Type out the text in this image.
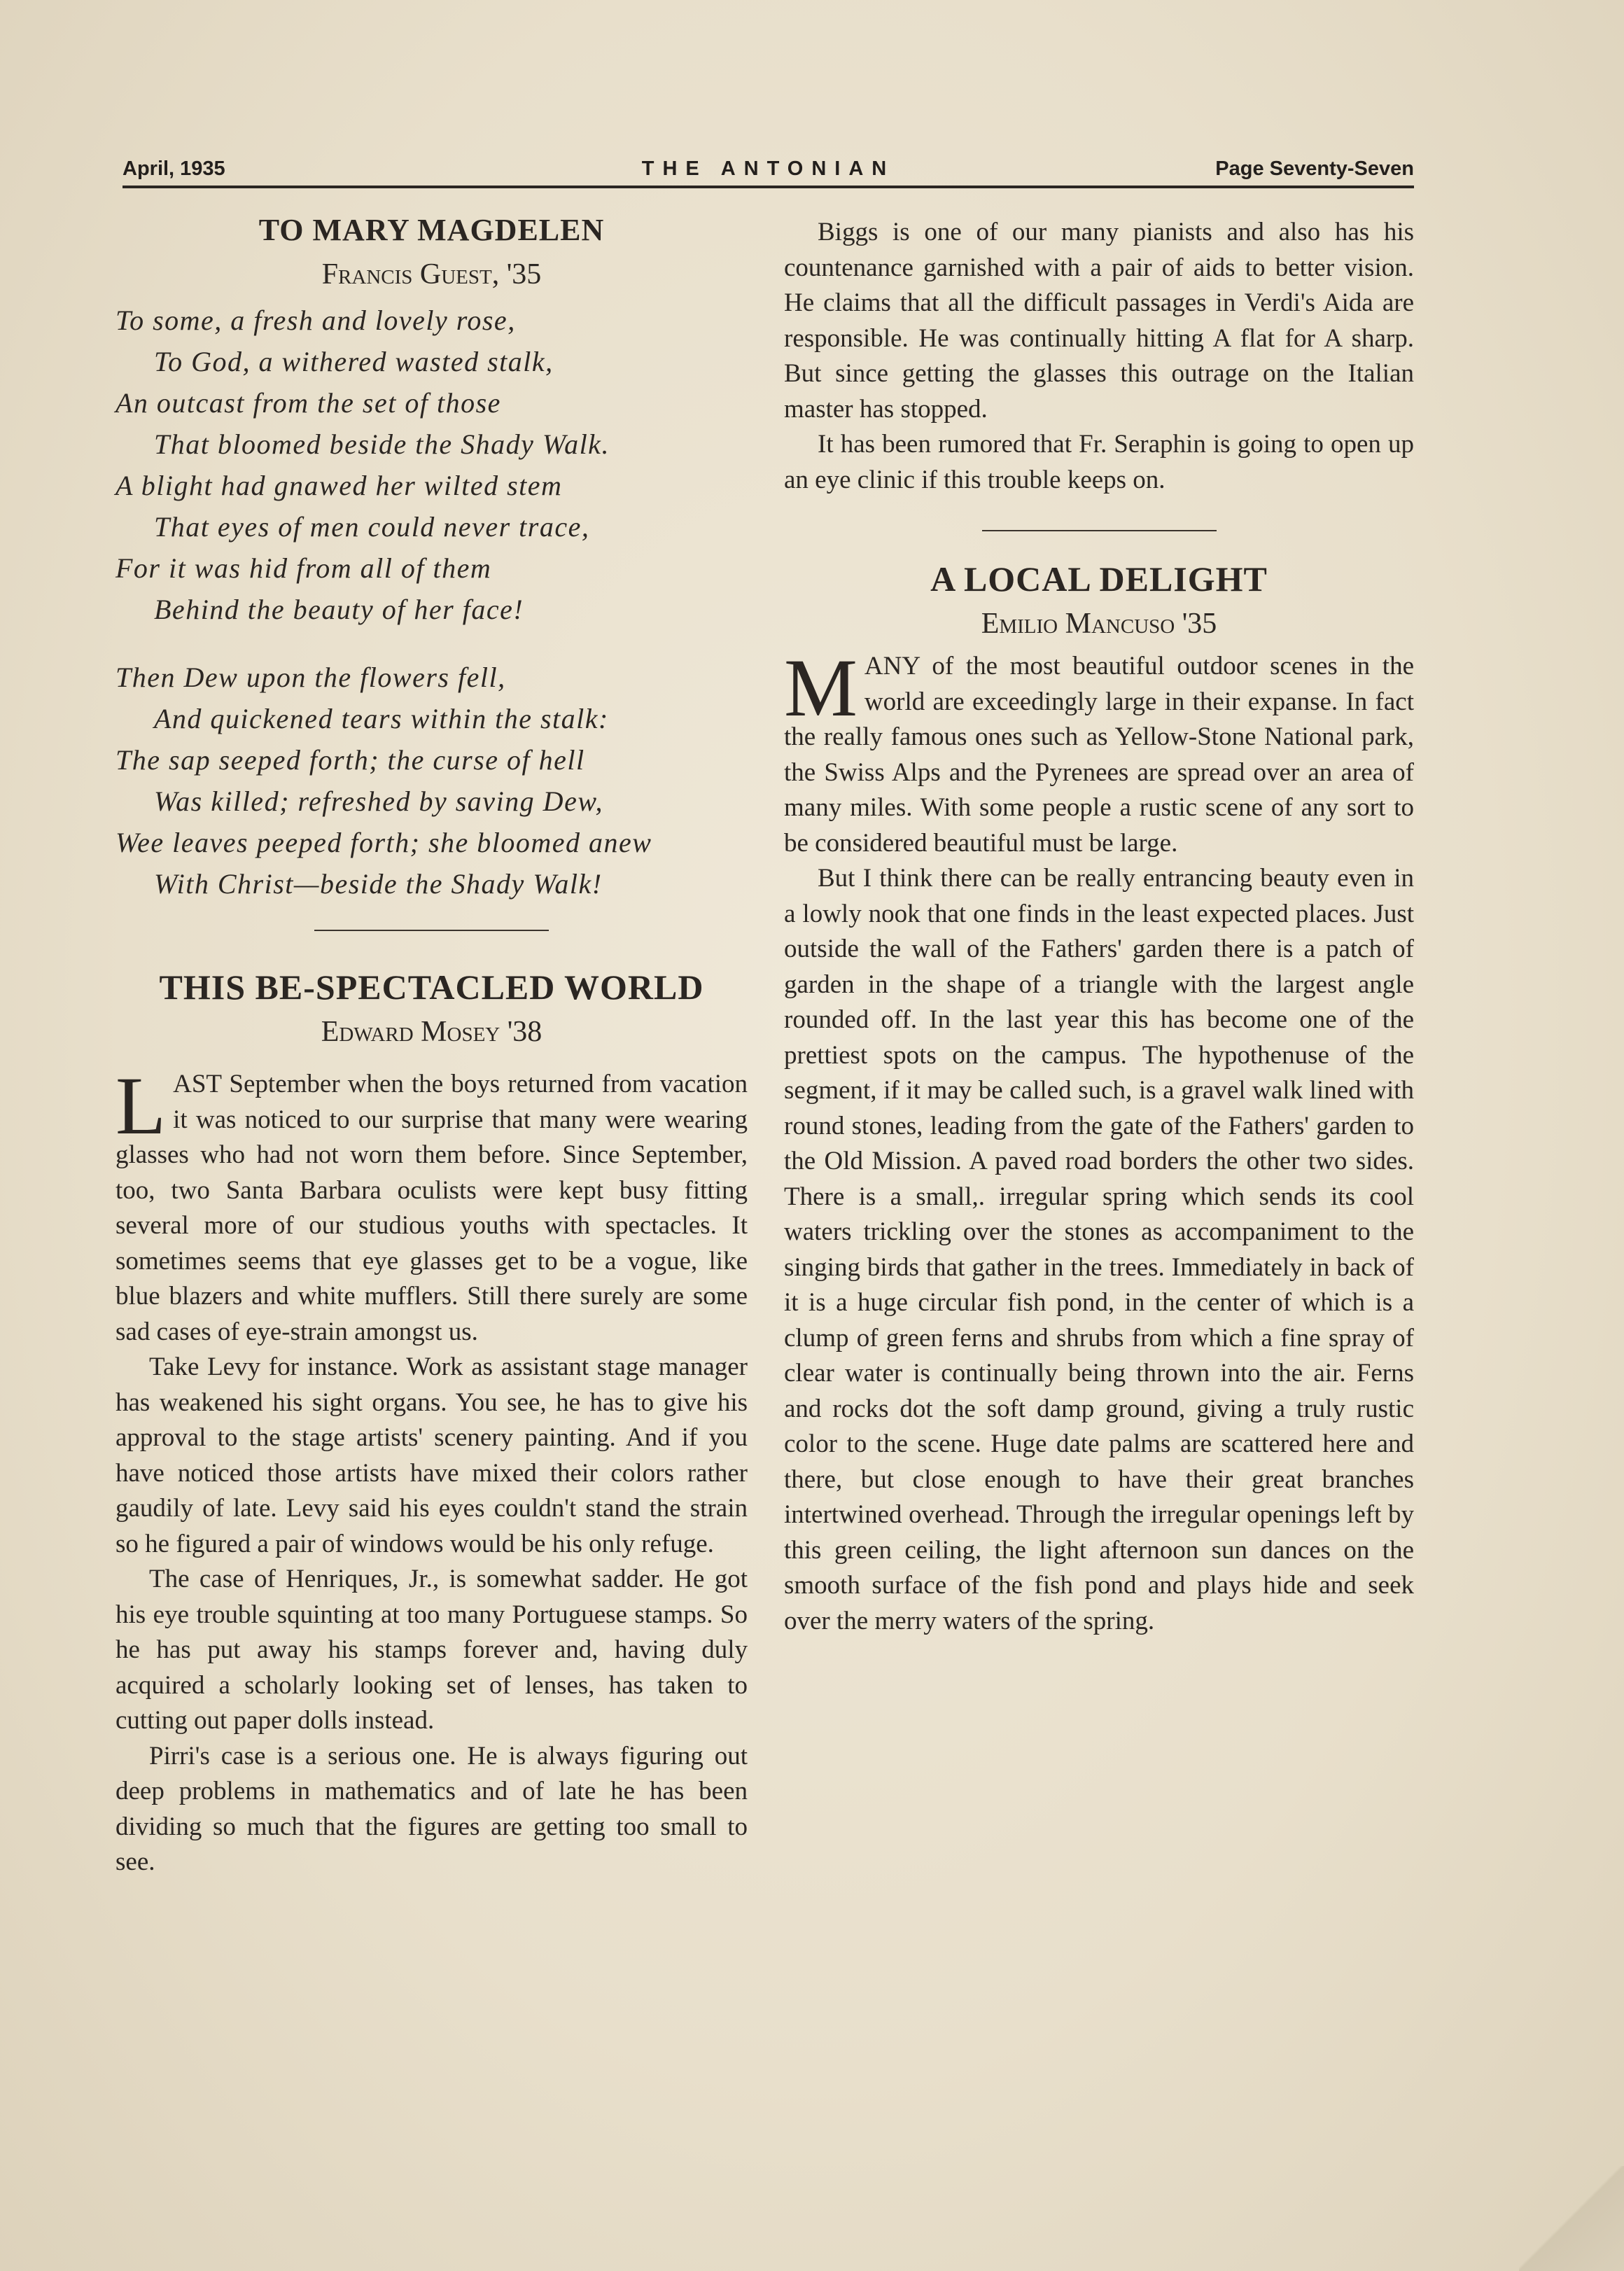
April, 1935	THE ANTONIAN	Page Seventy-Seven
TO MARY MAGDELEN
Francis Guest, '35
To some, a fresh and lovely rose,
To God, a withered wasted stalk,
An outcast from the set of those
That bloomed beside the Shady Walk.
A blight had gnawed her wilted stem
That eyes of men could never trace,
For it was hid from all of them
Behind the beauty of her face!
Then Dew upon the flowers fell,
And quickened tears within the stalk:
The sap seeped forth; the curse of hell
Was killed; refreshed by saving Dew,
Wee leaves peeped forth; she bloomed anew
With Christ—beside the Shady Walk!
THIS BE-SPECTACLED WORLD
Edward Mosey '38

LAST September when the boys returned from vacation it was noticed to our surprise that many were wearing glasses who had not worn them before. Since September, too, two Santa Barbara oculists were kept busy fitting several more of our studious youths with spectacles. It sometimes seems that eye glasses get to be a vogue, like blue blazers and white mufflers. Still there surely are some sad cases of eye-strain amongst us.

Take Levy for instance. Work as assistant stage manager has weakened his sight organs. You see, he has to give his approval to the stage artists' scenery painting. And if you have noticed those artists have mixed their colors rather gaudily of late. Levy said his eyes couldn't stand the strain so he figured a pair of windows would be his only refuge.

The case of Henriques, Jr., is somewhat sadder. He got his eye trouble squinting at too many Portuguese stamps. So he has put away his stamps forever and, having duly acquired a scholarly looking set of lenses, has taken to cutting out paper dolls instead.

Pirri's case is a serious one. He is always figuring out deep problems in mathematics and of late he has been dividing so much that the figures are getting too small to see.

Biggs is one of our many pianists and also has his countenance garnished with a pair of aids to better vision. He claims that all the difficult passages in Verdi's Aida are responsible. He was continually hitting A flat for A sharp. But since getting the glasses this outrage on the Italian master has stopped.

It has been rumored that Fr. Seraphin is going to open up an eye clinic if this trouble keeps on.

A LOCAL DELIGHT
Emilio Mancuso '35

MANY of the most beautiful outdoor scenes in the world are exceedingly large in their expanse. In fact the really famous ones such as Yellow-Stone National park, the Swiss Alps and the Pyrenees are spread over an area of many miles. With some people a rustic scene of any sort to be considered beautiful must be large.

But I think there can be really entrancing beauty even in a lowly nook that one finds in the least expected places. Just outside the wall of the Fathers' garden there is a patch of garden in the shape of a triangle with the largest angle rounded off. In the last year this has become one of the prettiest spots on the campus. The hypothenuse of the segment, if it may be called such, is a gravel walk lined with round stones, leading from the gate of the Fathers' garden to the Old Mission. A paved road borders the other two sides. There is a small,. irregular spring which sends its cool waters trickling over the stones as accompaniment to the singing birds that gather in the trees. Immediately in back of it is a huge circular fish pond, in the center of which is a clump of green ferns and shrubs from which a fine spray of clear water is continually being thrown into the air. Ferns and rocks dot the soft damp ground, giving a truly rustic color to the scene. Huge date palms are scattered here and there, but close enough to have their great branches intertwined overhead. Through the irregular openings left by this green ceiling, the light afternoon sun dances on the smooth surface of the fish pond and plays hide and seek over the merry waters of the spring.
